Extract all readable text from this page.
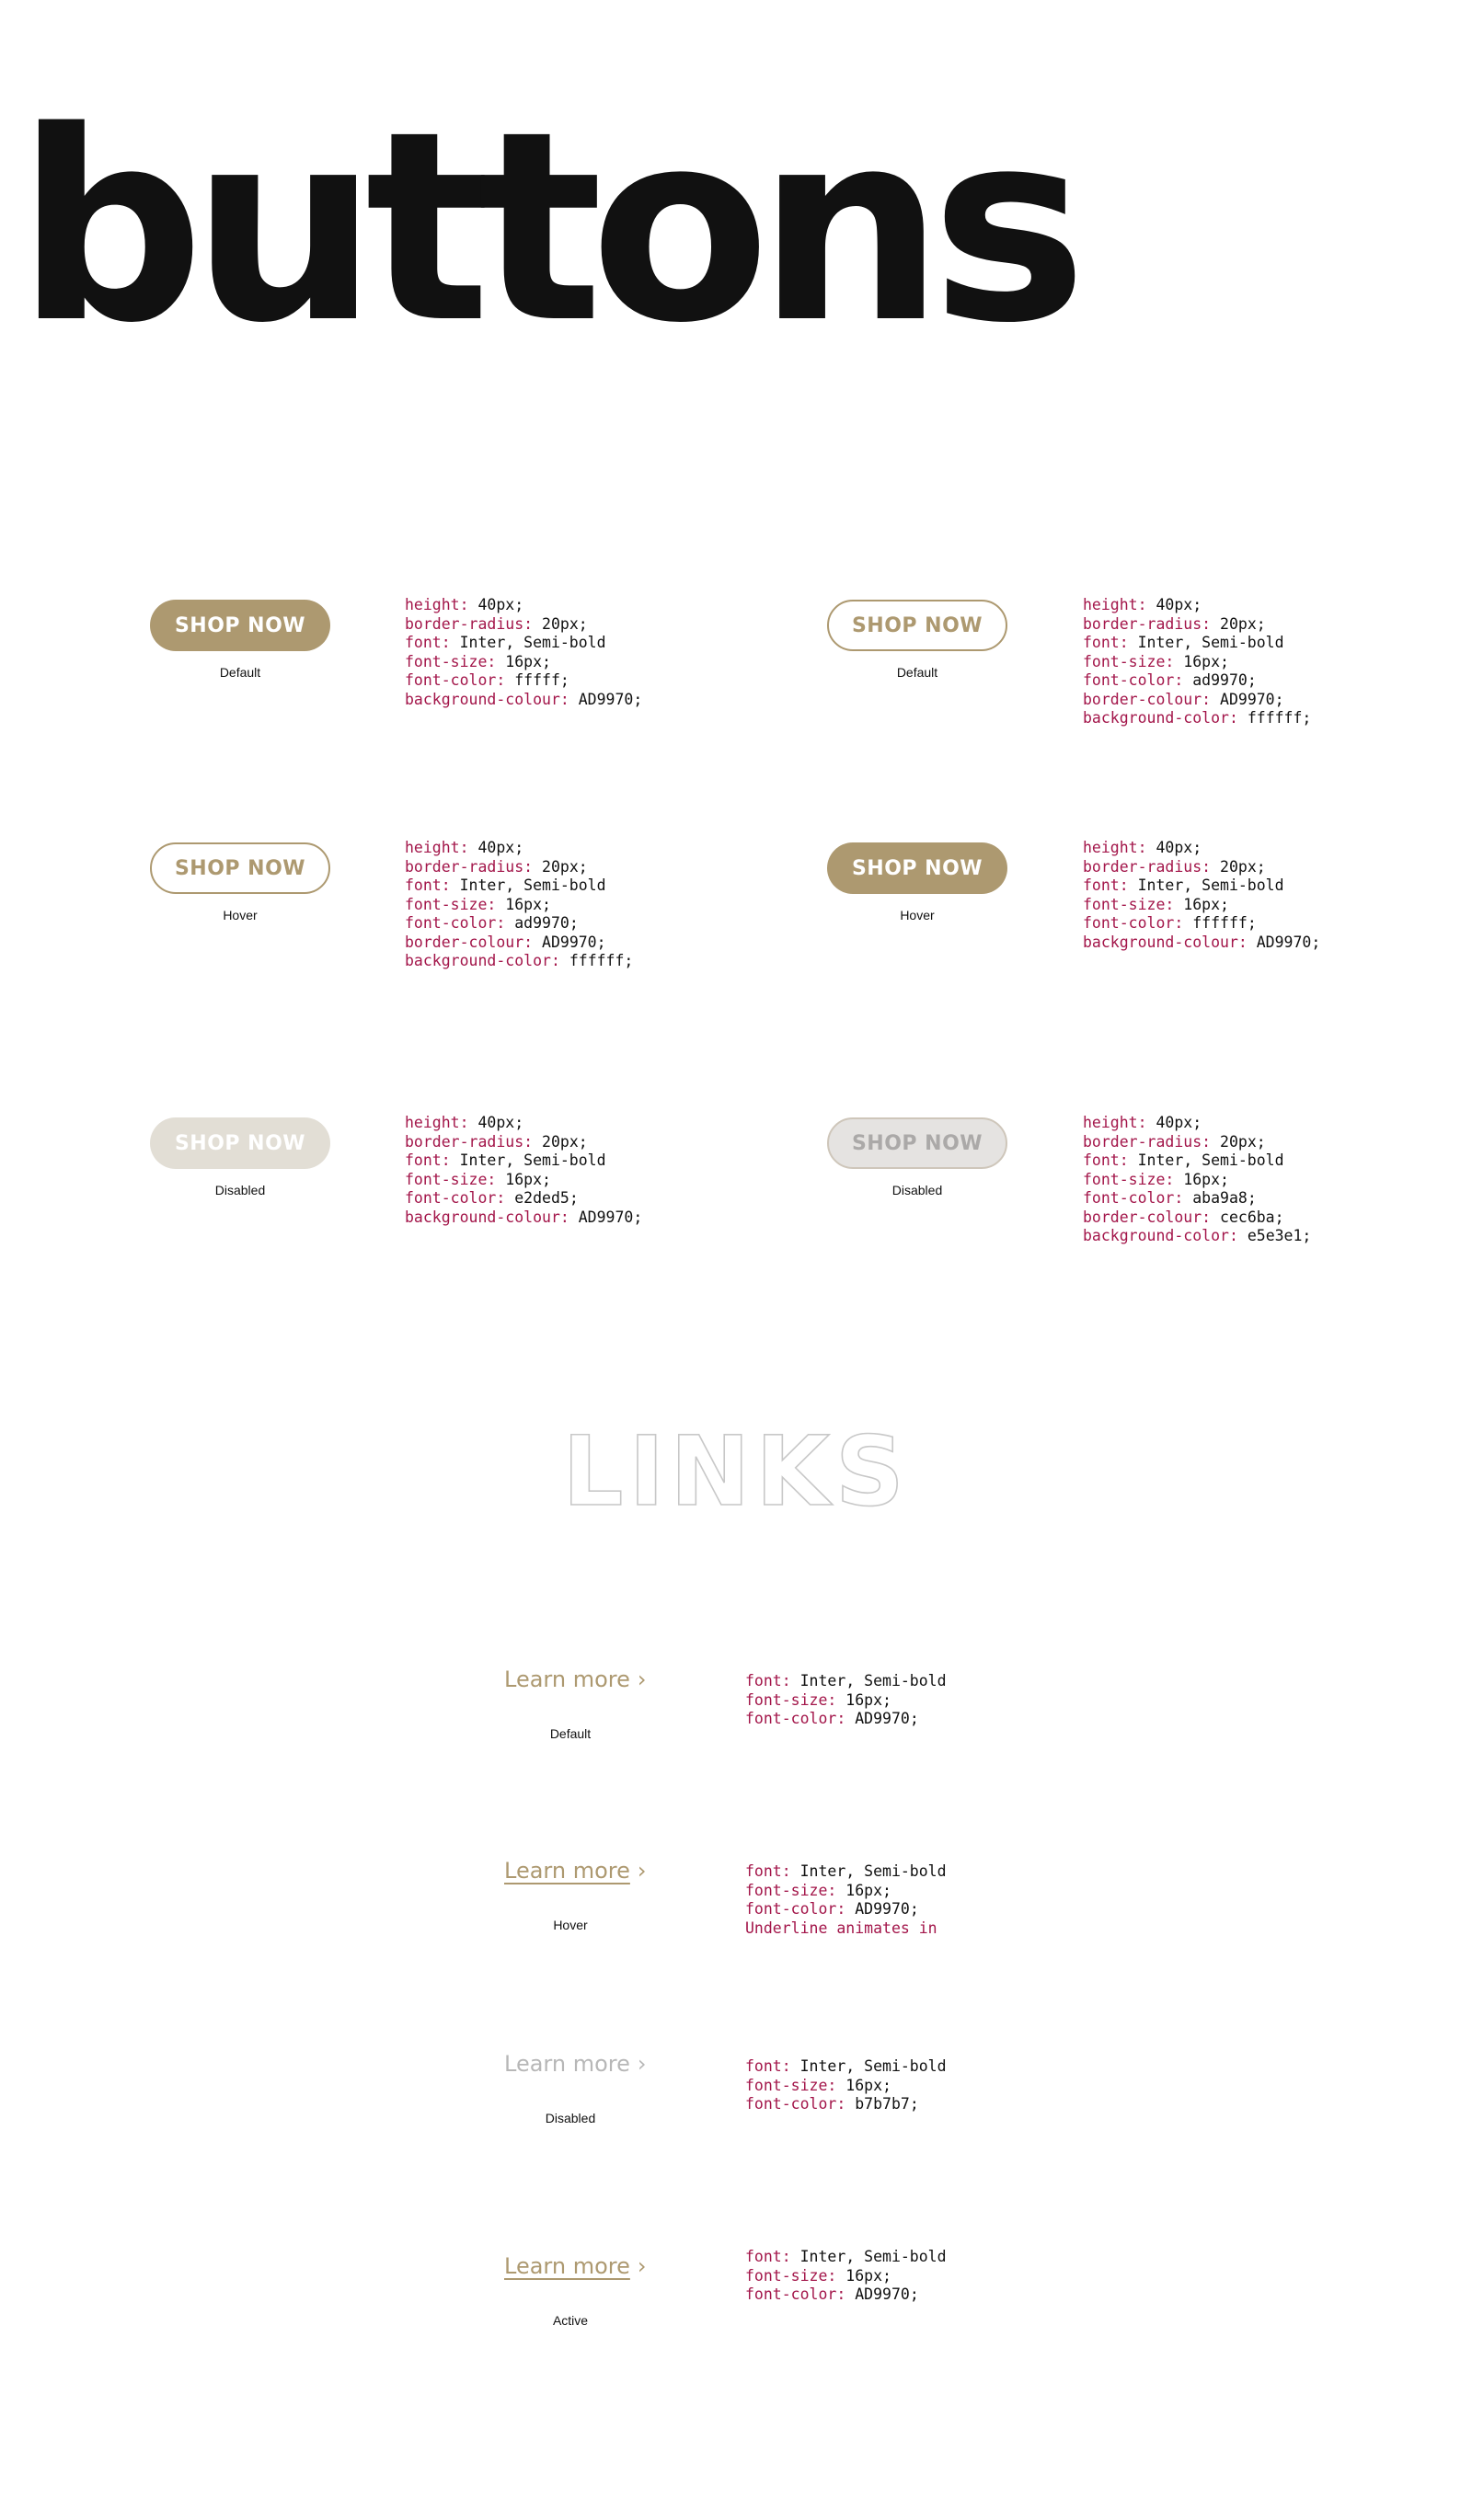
buttons
SHOP NOW
Default
height: 40px;
border-radius: 20px;
font: Inter, Semi-bold
font-size: 16px;
font-color: fffff;
background-colour: AD9970;
SHOP NOW
Default
height: 40px;
border-radius: 20px;
font: Inter, Semi-bold
font-size: 16px;
font-color: ad9970;
border-colour: AD9970;
background-color: ffffff;
SHOP NOW
Hover
height: 40px;
border-radius: 20px;
font: Inter, Semi-bold
font-size: 16px;
font-color: ad9970;
border-colour: AD9970;
background-color: ffffff;
SHOP NOW
Hover
height: 40px;
border-radius: 20px;
font: Inter, Semi-bold
font-size: 16px;
font-color: ffffff;
background-colour: AD9970;
SHOP NOW
Disabled
height: 40px;
border-radius: 20px;
font: Inter, Semi-bold
font-size: 16px;
font-color: e2ded5;
background-colour: AD9970;
SHOP NOW
Disabled
height: 40px;
border-radius: 20px;
font: Inter, Semi-bold
font-size: 16px;
font-color: aba9a8;
border-colour: cec6ba;
background-color: e5e3e1;
LINKS
Learn more ›
Default
font: Inter, Semi-bold
font-size: 16px;
font-color: AD9970;
Learn more ›
Hover
font: Inter, Semi-bold
font-size: 16px;
font-color: AD9970;
Underline animates in
Learn more ›
Disabled
font: Inter, Semi-bold
font-size: 16px;
font-color: b7b7b7;
Learn more ›
Active
font: Inter, Semi-bold
font-size: 16px;
font-color: AD9970;
